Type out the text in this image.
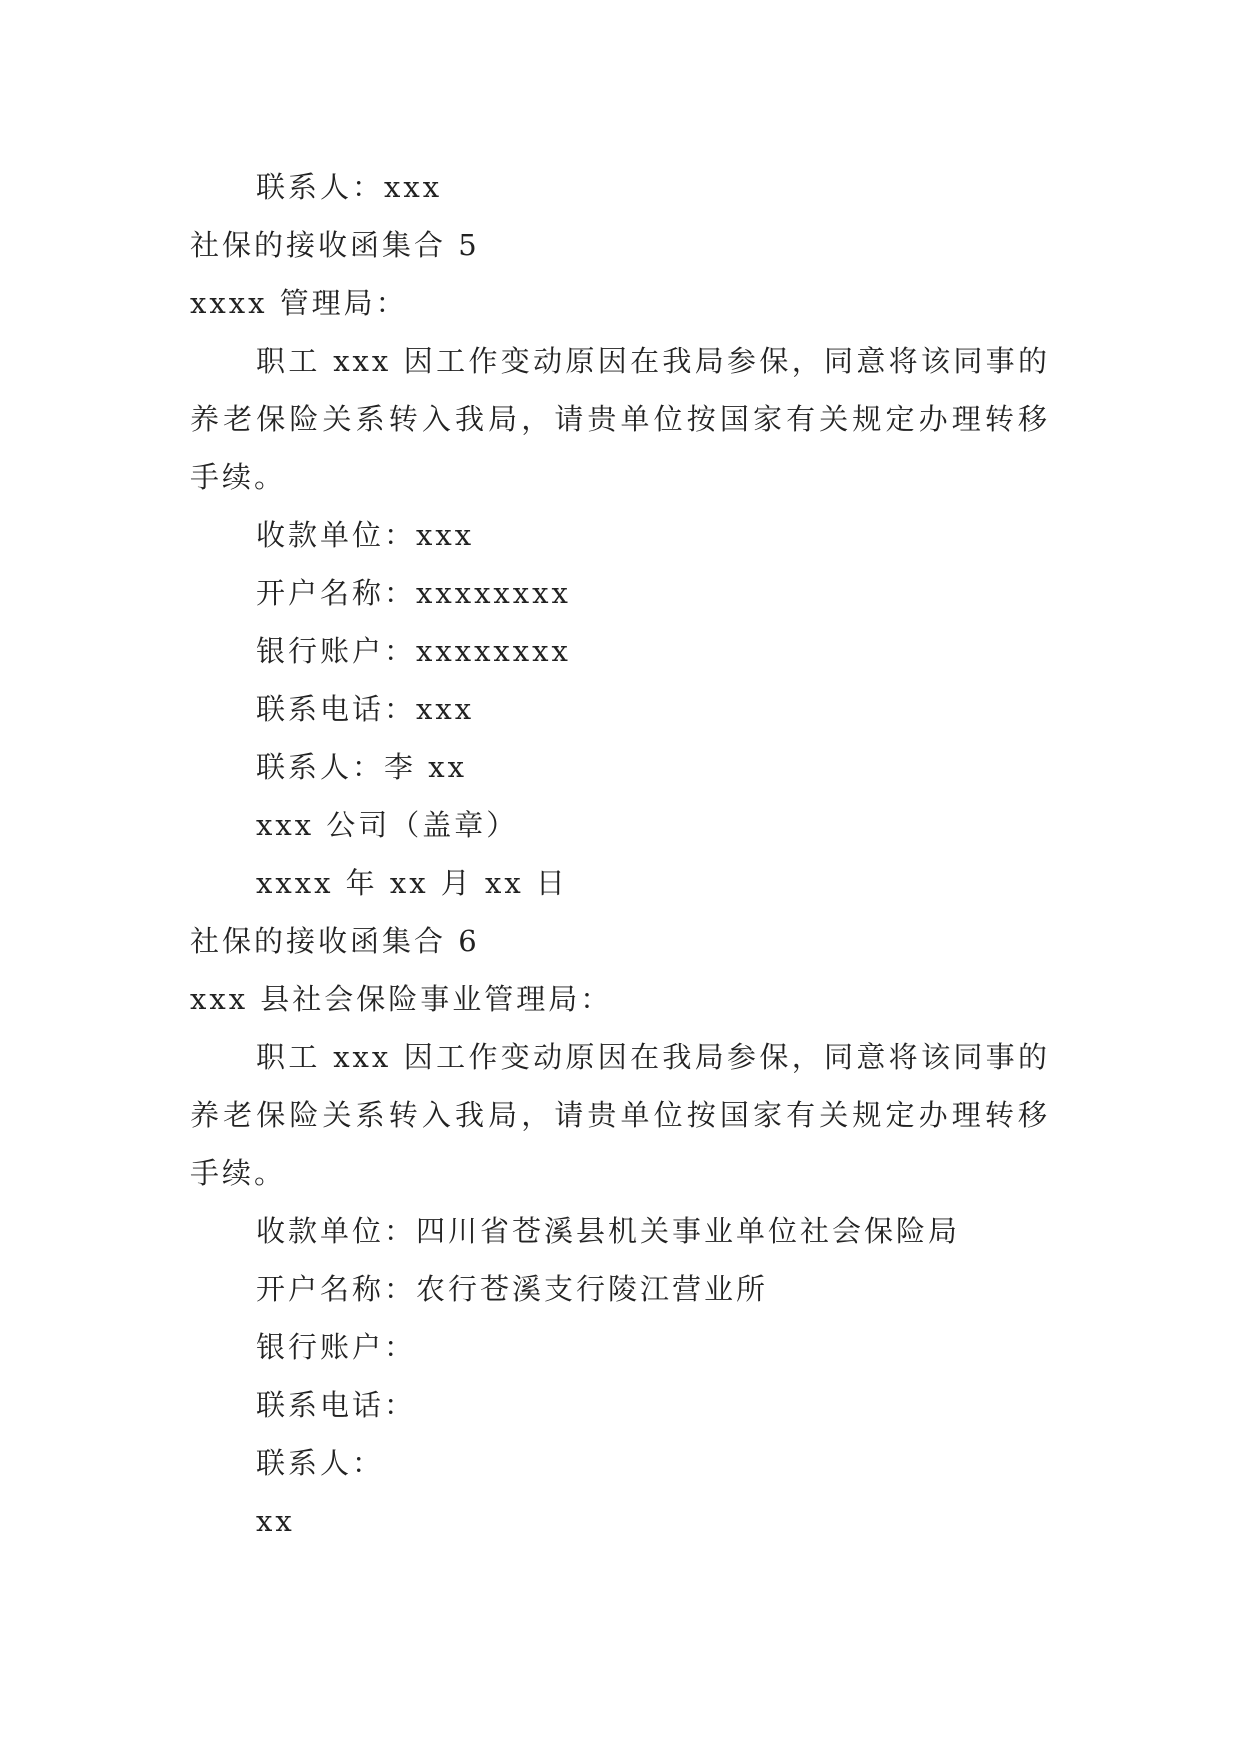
联系人：xxx
社保的接收函集合 5
xxxx 管理局：
职工 xxx 因工作变动原因在我局参保，同意将该同事的养老保险关系转入我局，请贵单位按国家有关规定办理转移手续。
收款单位：xxx
开户名称：xxxxxxxx
银行账户：xxxxxxxx
联系电话：xxx
联系人：李 xx
xxx 公司（盖章）
xxxx 年 xx 月 xx 日
社保的接收函集合 6
xxx 县社会保险事业管理局：
职工 xxx 因工作变动原因在我局参保，同意将该同事的养老保险关系转入我局，请贵单位按国家有关规定办理转移手续。
收款单位：四川省苍溪县机关事业单位社会保险局
开户名称：农行苍溪支行陵江营业所
银行账户：
联系电话：
联系人：
xx
